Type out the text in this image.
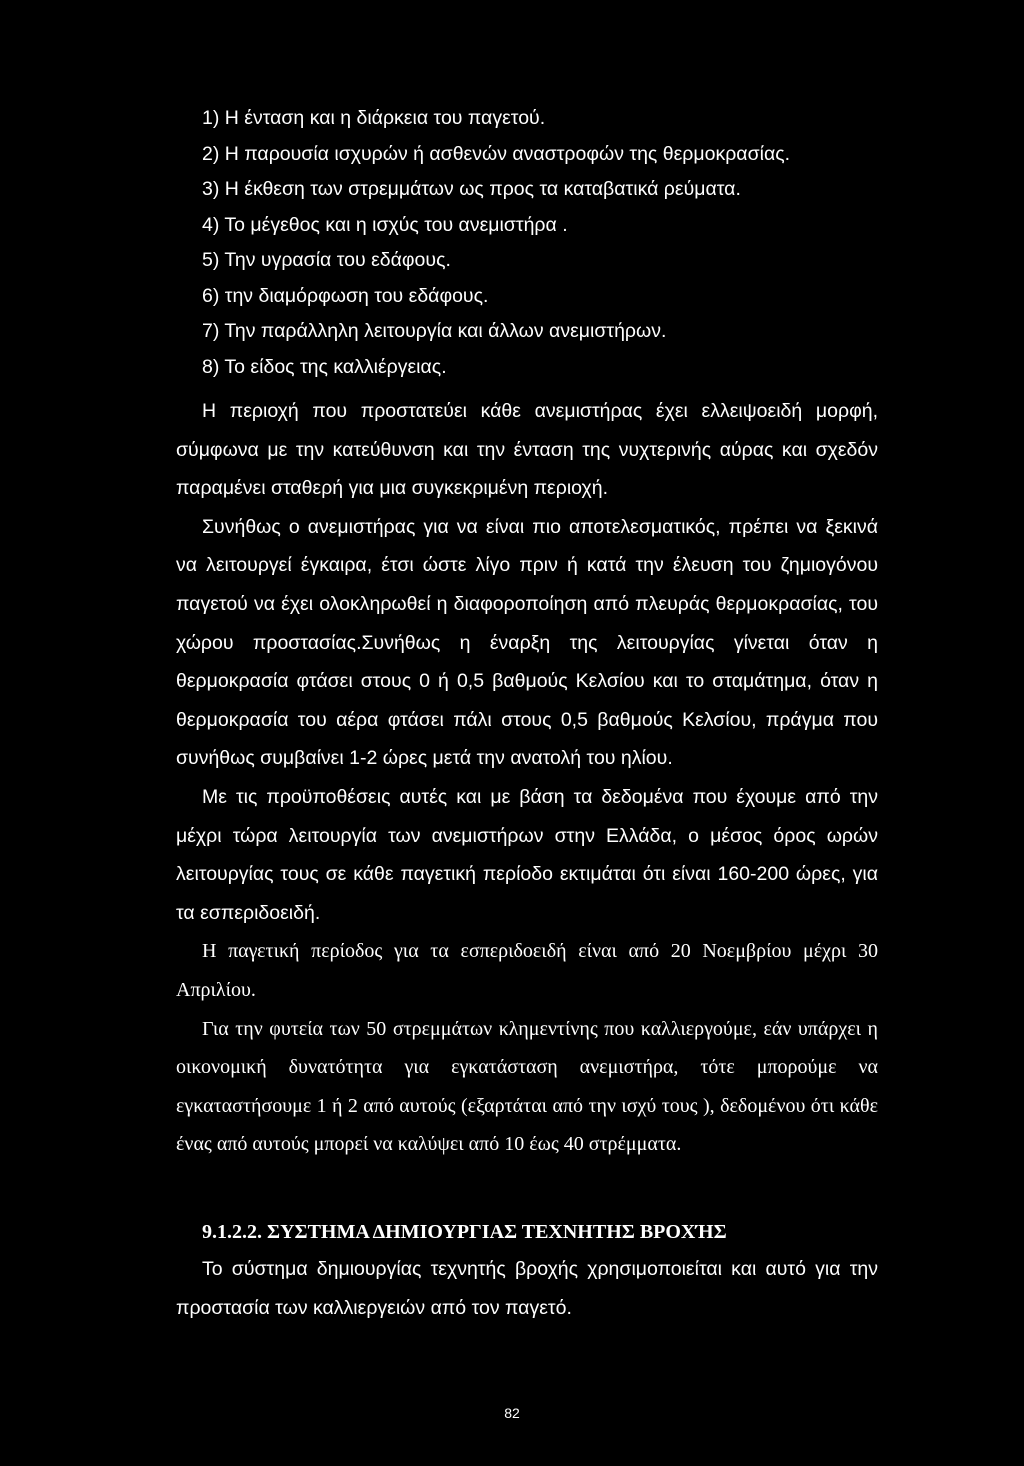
1) Η ένταση και η διάρκεια του παγετού.
2) Η παρουσία ισχυρών ή ασθενών αναστροφών της θερμοκρασίας.
3) Η έκθεση των στρεμμάτων ως προς τα καταβατικά ρεύματα.
4) Το μέγεθος και η ισχύς του ανεμιστήρα .
5) Την υγρασία του εδάφους.
6) την διαμόρφωση του εδάφους.
7) Την παράλληλη λειτουργία και άλλων ανεμιστήρων.
8) Το είδος της καλλιέργειας.

Η περιοχή που προστατεύει κάθε ανεμιστήρας έχει ελλειψοειδή μορφή, σύμφωνα με την κατεύθυνση και την ένταση της νυχτερινής αύρας και σχεδόν παραμένει σταθερή για μια συγκεκριμένη περιοχή.

Συνήθως ο ανεμιστήρας για να είναι πιο αποτελεσματικός, πρέπει να ξεκινά να λειτουργεί έγκαιρα, έτσι ώστε λίγο πριν ή κατά την έλευση του ζημιογόνου παγετού να έχει ολοκληρωθεί η διαφοροποίηση από πλευράς θερμοκρασίας, του χώρου προστασίας.Συνήθως η έναρξη της λειτουργίας γίνεται όταν η θερμοκρασία φτάσει στους 0 ή 0,5 βαθμούς Κελσίου και το σταμάτημα, όταν η θερμοκρασία του αέρα φτάσει πάλι στους 0,5 βαθμούς Κελσίου, πράγμα που συνήθως συμβαίνει 1-2 ώρες μετά την ανατολή του ηλίου.

Με τις προϋποθέσεις αυτές και με βάση τα δεδομένα που έχουμε από την μέχρι τώρα λειτουργία των ανεμιστήρων στην Ελλάδα, ο μέσος όρος ωρών λειτουργίας τους σε κάθε παγετική περίοδο εκτιμάται ότι είναι 160-200 ώρες, για τα εσπεριδοειδή.

Η παγετική περίοδος για τα εσπεριδοειδή είναι από 20 Νοεμβρίου μέχρι 30 Απριλίου.

Για την φυτεία των 50 στρεμμάτων κλημεντίνης που καλλιεργούμε, εάν υπάρχει η οικονομική δυνατότητα για εγκατάσταση ανεμιστήρα, τότε μπορούμε να εγκαταστήσουμε 1 ή 2 από αυτούς (εξαρτάται από την ισχύ τους ), δεδομένου ότι κάθε ένας από αυτούς μπορεί να καλύψει από 10 έως 40 στρέμματα.

9.1.2.2. ΣΥΣΤΗΜΑ ΔΗΜΙΟΥΡΓΙΑΣ ΤΕΧΝΗΤΗΣ ΒΡΟΧΉΣ

Το σύστημα δημιουργίας τεχνητής βροχής χρησιμοποιείται και αυτό για την προστασία των καλλιεργειών από τον παγετό.

82
